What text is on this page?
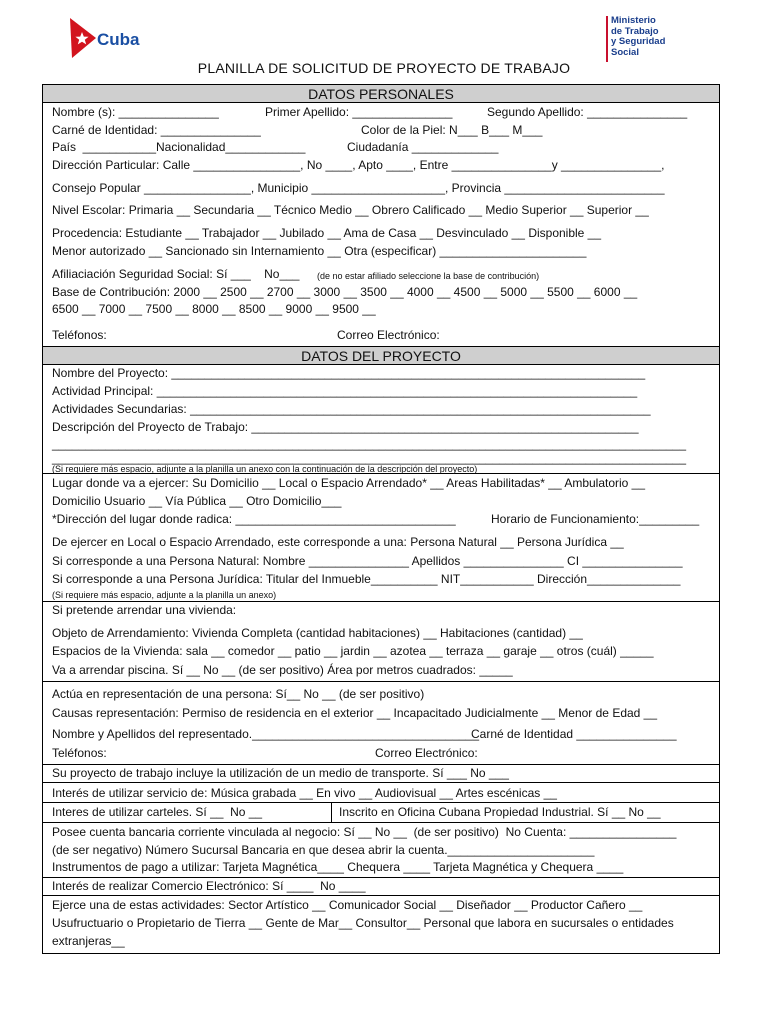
Cuba
Ministerio
de Trabajo
y Seguridad
Social
PLANILLA DE SOLICITUD DE PROYECTO DE TRABAJO
DATOS PERSONALES
Nombre (s): _______________	Primer Apellido: _______________	Segundo Apellido: _______________
Carné de Identidad: _______________	Color de la Piel: N___ B___ M___
País  ___________ Nacionalidad____________	Ciudadanía _____________
Dirección Particular: Calle ________________, No ____, Apto ____, Entre _______________y _______________,
Consejo Popular ________________, Municipio ____________________, Provincia ________________________
Nivel Escolar: Primaria __ Secundaria __ Técnico Medio __ Obrero Calificado __ Medio Superior __ Superior __
Procedencia: Estudiante __ Trabajador __ Jubilado __ Ama de Casa __ Desvinculado __ Disponible __
Menor autorizado __ Sancionado sin Internamiento __ Otra (especificar) ______________________
Afiliaciación Seguridad Social: Sí ___    No___ (de no estar afiliado seleccione la base de contribución)
Base de Contribución: 2000 __ 2500 __ 2700 __ 3000 __ 3500 __ 4000 __ 4500 __ 5000 __ 5500 __ 6000 __
6500 __ 7000 __ 7500 __ 8000 __ 8500 __ 9000 __ 9500 __
Teléfonos:	Correo Electrónico:
DATOS DEL PROYECTO
Nombre del Proyecto: _______________________________________________________________________
Actividad Principal: ________________________________________________________________________
Actividades Secundarias: _____________________________________________________________________
Descripción del Proyecto de Trabajo: __________________________________________________________
_______________________________________________________________________________________________
_______________________________________________________________________________________________
(Si requiere más espacio, adjunte a la planilla un anexo con la continuación de la descripción del proyecto)
Lugar donde va a ejercer: Su Domicilio __ Local o Espacio Arrendado* __ Areas Habilitadas* __ Ambulatorio __
Domicilio Usuario __ Vía Pública __ Otro Domicilio___
*Dirección del lugar donde radica: _________________________________	Horario de Funcionamiento:_________
De ejercer en Local o Espacio Arrendado, este corresponde a una: Persona Natural __ Persona Jurídica __
Si corresponde a una Persona Natural: Nombre _______________ Apellidos _______________ CI _______________
Si corresponde a una Persona Jurídica: Titular del Inmueble__________ NIT___________ Dirección______________
(Si requiere más espacio, adjunte a la planilla un anexo)
Si pretende arrendar una vivienda:
Objeto de Arrendamiento: Vivienda Completa (cantidad habitaciones) __ Habitaciones (cantidad) __
Espacios de la Vivienda: sala __ comedor __ patio __ jardin __ azotea __ terraza __ garaje __ otros (cuál) _____
Va a arrendar piscina. Sí __ No __ (de ser positivo) Área por metros cuadrados: _____
Actúa en representación de una persona: Sí__ No __ (de ser positivo)
Causas representación: Permiso de residencia en el exterior __ Incapacitado Judicialmente __ Menor de Edad __
Nombre y Apellidos del representado.__________________________________
Carné de Identidad _______________
Teléfonos:	Correo Electrónico:
Su proyecto de trabajo incluye la utilización de un medio de transporte. Sí ___ No ___
Interés de utilizar servicio de: Música grabada __ En vivo __ Audiovisual __ Artes escénicas __
Interes de utilizar carteles. Sí __  No __	Inscrito en Oficina Cubana Propiedad Industrial. Sí __ No __
Posee cuenta bancaria corriente vinculada al negocio: Sí __ No __  (de ser positivo)  No Cuenta: ________________
(de ser negativo) Número Sucursal Bancaria en que desea abrir la cuenta.______________________
Instrumentos de pago a utilizar: Tarjeta Magnética____ Chequera ____ Tarjeta Magnética y Chequera ____
Interés de realizar Comercio Electrónico: Sí ____  No ____
Ejerce una de estas actividades: Sector Artístico __ Comunicador Social __ Diseñador __ Productor Cañero __
Usufructuario o Propietario de Tierra __ Gente de Mar__ Consultor__ Personal que labora en sucursales o entidades
extranjeras__
